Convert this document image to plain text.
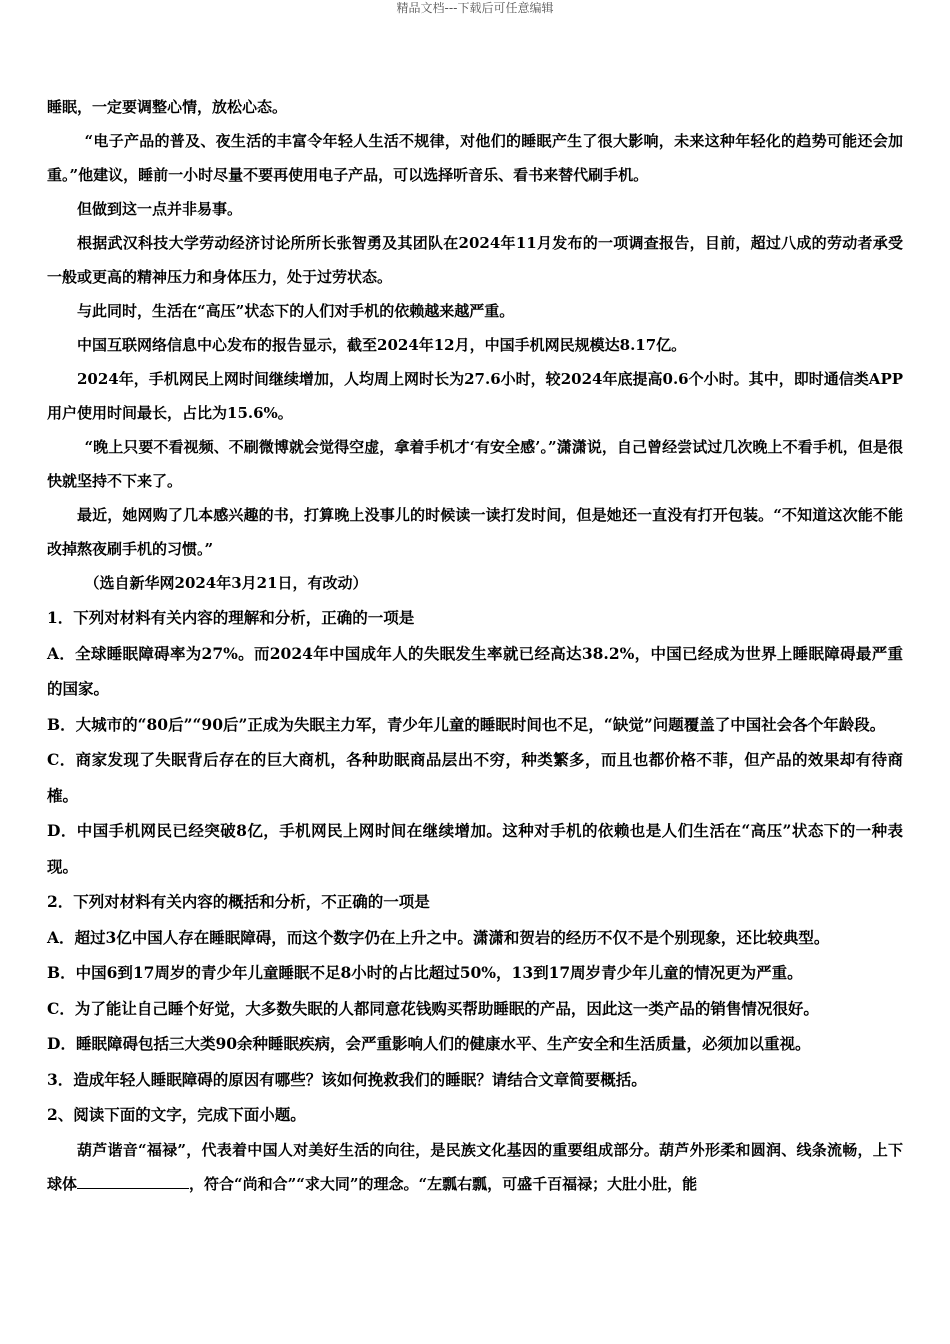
精品文档---下载后可任意编辑

睡眠，一定要调整心情，放松心态。

“电子产品的普及、夜生活的丰富令年轻人生活不规律，对他们的睡眠产生了很大影响，未来这种年轻化的趋势可能还会加重。”他建议，睡前一小时尽量不要再使用电子产品，可以选择听音乐、看书来替代刷手机。

但做到这一点并非易事。

根据武汉科技大学劳动经济讨论所所长张智勇及其团队在2024年11月发布的一项调查报告，目前，超过八成的劳动者承受一般或更高的精神压力和身体压力，处于过劳状态。

与此同时，生活在“高压”状态下的人们对手机的依赖越来越严重。

中国互联网络信息中心发布的报告显示，截至2024年12月，中国手机网民规模达8.17亿。

2024年，手机网民上网时间继续增加，人均周上网时长为27.6小时，较2024年底提高0.6个小时。其中，即时通信类APP用户使用时间最长，占比为15.6%。

“晚上只要不看视频、不刷微博就会觉得空虚，拿着手机才‘有安全感’。”潇潇说，自己曾经尝试过几次晚上不看手机，但是很快就坚持不下来了。

最近，她网购了几本感兴趣的书，打算晚上没事儿的时候读一读打发时间，但是她还一直没有打开包装。“不知道这次能不能改掉熬夜刷手机的习惯。”

（选自新华网2024年3月21日，有改动）

1．下列对材料有关内容的理解和分析，正确的一项是

A．全球睡眠障碍率为27%。而2024年中国成年人的失眠发生率就已经高达38.2%，中国已经成为世界上睡眠障碍最严重的国家。

B．大城市的“80后”“90后”正成为失眠主力军，青少年儿童的睡眠时间也不足，“缺觉”问题覆盖了中国社会各个年龄段。

C．商家发现了失眠背后存在的巨大商机，各种助眠商品层出不穷，种类繁多，而且也都价格不菲，但产品的效果却有待商榷。

D．中国手机网民已经突破8亿，手机网民上网时间在继续增加。这种对手机的依赖也是人们生活在“高压”状态下的一种表现。

2．下列对材料有关内容的概括和分析，不正确的一项是

A．超过3亿中国人存在睡眠障碍，而这个数字仍在上升之中。潇潇和贺岩的经历不仅不是个别现象，还比较典型。

B．中国6到17周岁的青少年儿童睡眠不足8小时的占比超过50%，13到17周岁青少年儿童的情况更为严重。

C．为了能让自己睡个好觉，大多数失眠的人都同意花钱购买帮助睡眠的产品，因此这一类产品的销售情况很好。

D．睡眠障碍包括三大类90余种睡眠疾病，会严重影响人们的健康水平、生产安全和生活质量，必须加以重视。

3．造成年轻人睡眠障碍的原因有哪些？该如何挽救我们的睡眠？请结合文章简要概括。

2、阅读下面的文字，完成下面小题。

葫芦谐音“福禄”，代表着中国人对美好生活的向往，是民族文化基因的重要组成部分。葫芦外形柔和圆润、线条流畅，上下球体	，符合“尚和合”“求大同”的理念。“左瓢右瓢，可盛千百福禄；大肚小肚，能
